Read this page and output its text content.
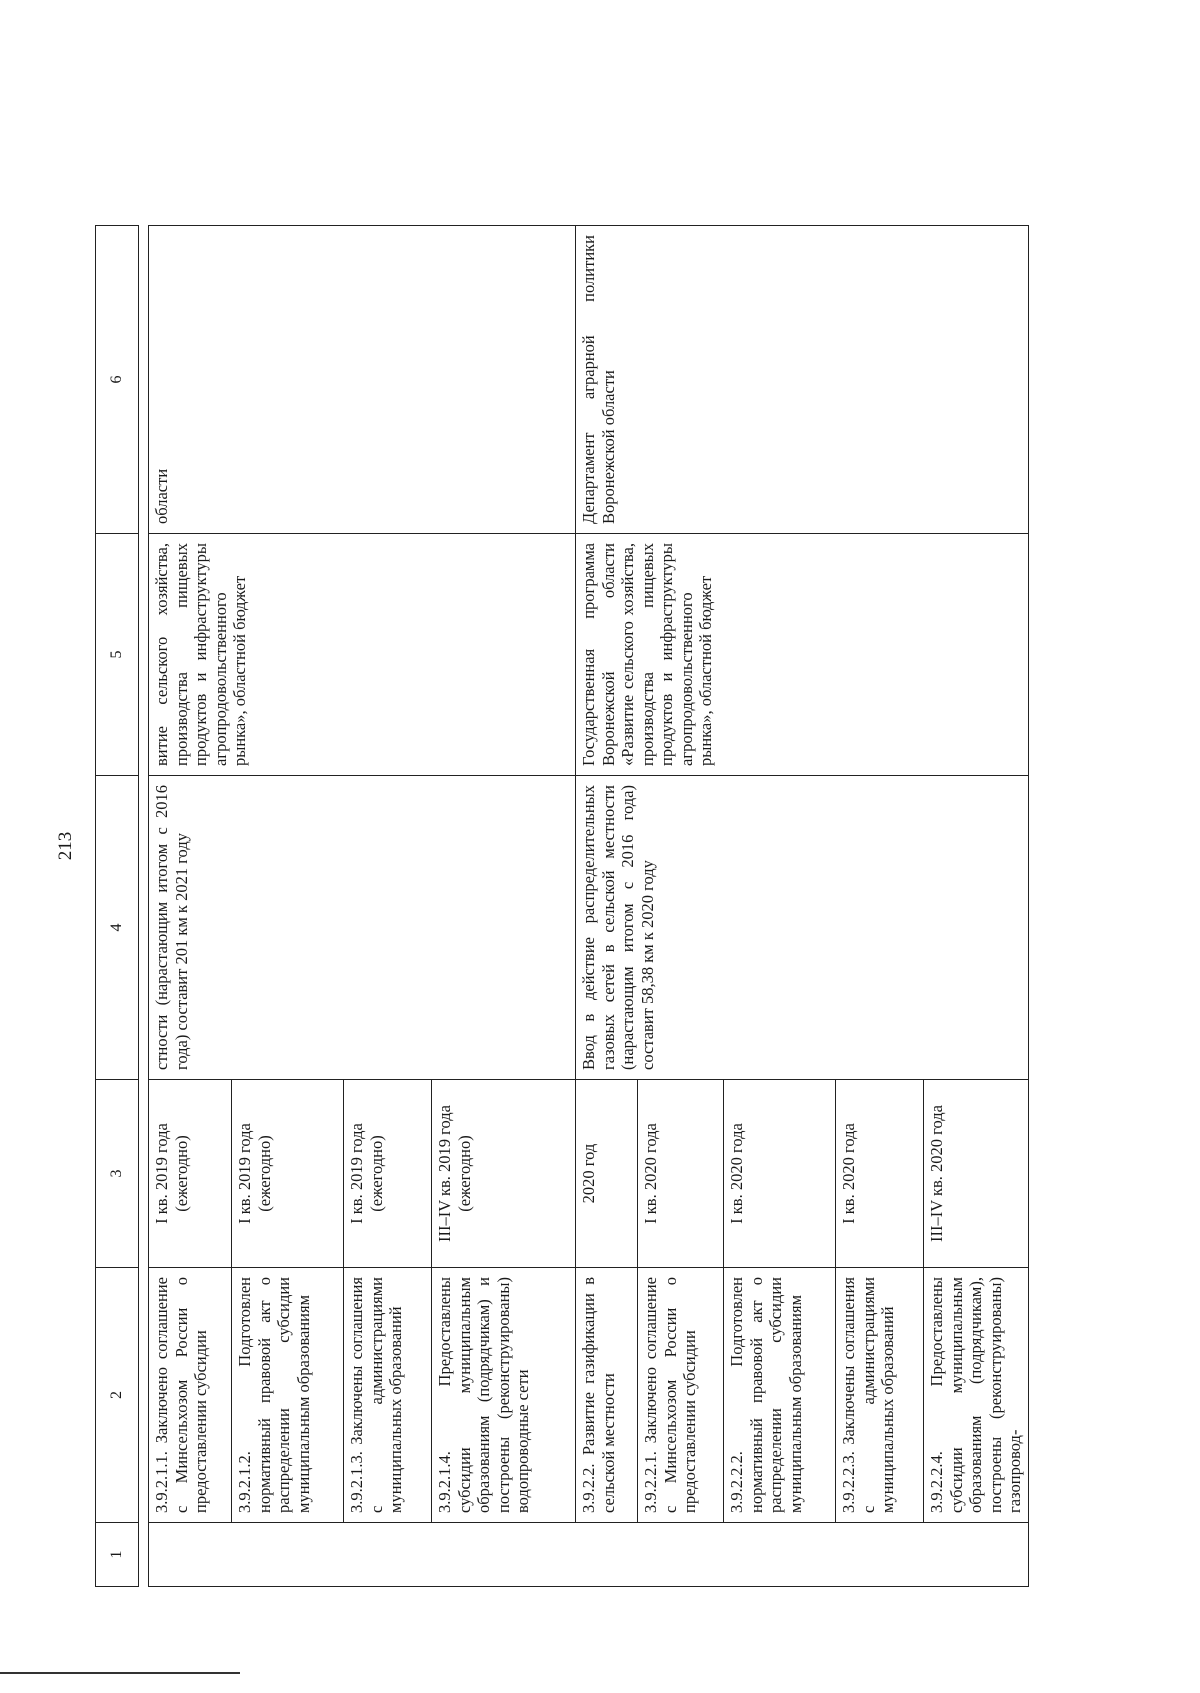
213
1	2	3	4	5	6

	3.9.2.1.1. Заключено соглашение с Минсельхозом России о предоставлении субсидии	I кв. 2019 года (ежегодно)	стности (нарастающим итогом с 2016 года) составит 201 км к 2021 году	витие сельского хозяйства, производства пищевых продуктов и инфраструктуры агропродовольственного рынка», областной бюджет	области
	3.9.2.1.2. Подготовлен нормативный правовой акт о распределении субсидии муниципальным образованиям	I кв. 2019 года (ежегодно)			
	3.9.2.1.3. Заключены соглашения с администрациями муниципальных образований	I кв. 2019 года (ежегодно)			
	3.9.2.1.4. Предоставлены субсидии муниципальным образованиям (подрядчикам) и построены (реконструированы) водопроводные сети	III–IV кв. 2019 года (ежегодно)			
	3.9.2.2. Развитие газификации в сельской местности	2020 год	Ввод в действие распределительных газовых сетей в сельской местности (нарастающим итогом с 2016 года) составит 58,38 км к 2020 году	Государственная программа Воронежской области «Развитие сельского хозяйства, производства пищевых продуктов и инфраструктуры агропродовольственного рынка», областной бюджет	Департамент аграрной политики Воронежской области
	3.9.2.2.1. Заключено соглашение с Минсельхозом России о предоставлении субсидии	I кв. 2020 года			
	3.9.2.2.2. Подготовлен нормативный правовой акт о распределении субсидии муниципальным образованиям	I кв. 2020 года			
	3.9.2.2.3. Заключены соглашения с администрациями муниципальных образований	I кв. 2020 года			
	3.9.2.2.4. Предоставлены субсидии муниципальным образованиям (подрядчикам), построены (реконструированы) газопровод-	III–IV кв. 2020 года			
